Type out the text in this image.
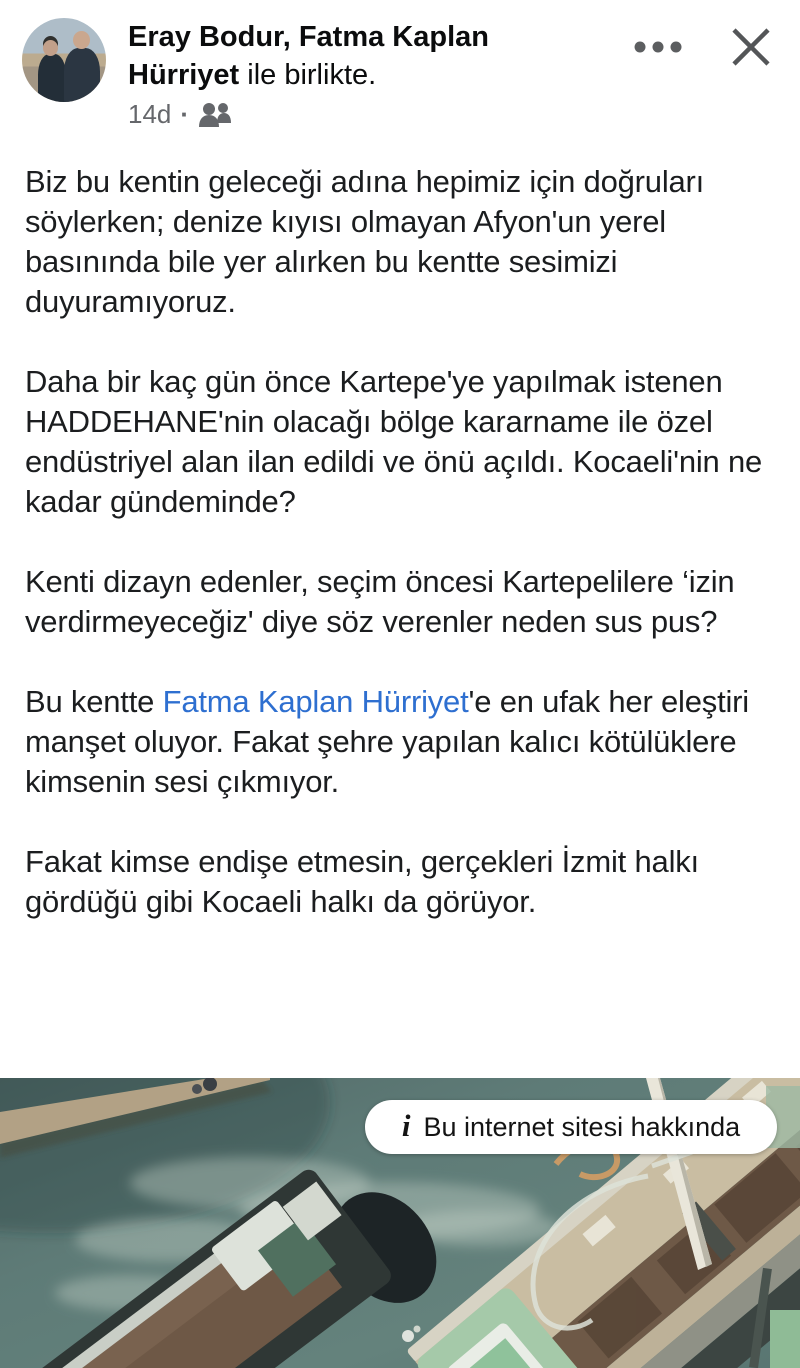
Eray Bodur, Fatma Kaplan Hürriyet ile birlikte.
14d ·

Biz bu kentin geleceği adına hepimiz için doğruları söylerken; denize kıyısı olmayan Afyon'un yerel basınında bile yer alırken bu kentte sesimizi duyuramıyoruz.

Daha bir kaç gün önce Kartepe'ye yapılmak istenen HADDEHANE'nin olacağı bölge kararname ile özel endüstriyel alan ilan edildi ve önü açıldı. Kocaeli'nin ne kadar gündeminde?

Kenti dizayn edenler, seçim öncesi Kartepelilere ‘izin verdirmeyeceğiz' diye söz verenler neden sus pus?

Bu kentte Fatma Kaplan Hürriyet'e en ufak her eleştiri manşet oluyor. Fakat şehre yapılan kalıcı kötülüklere kimsenin sesi çıkmıyor.

Fakat kimse endişe etmesin, gerçekleri İzmit halkı gördüğü gibi Kocaeli halkı da görüyor.

i Bu internet sitesi hakkında
